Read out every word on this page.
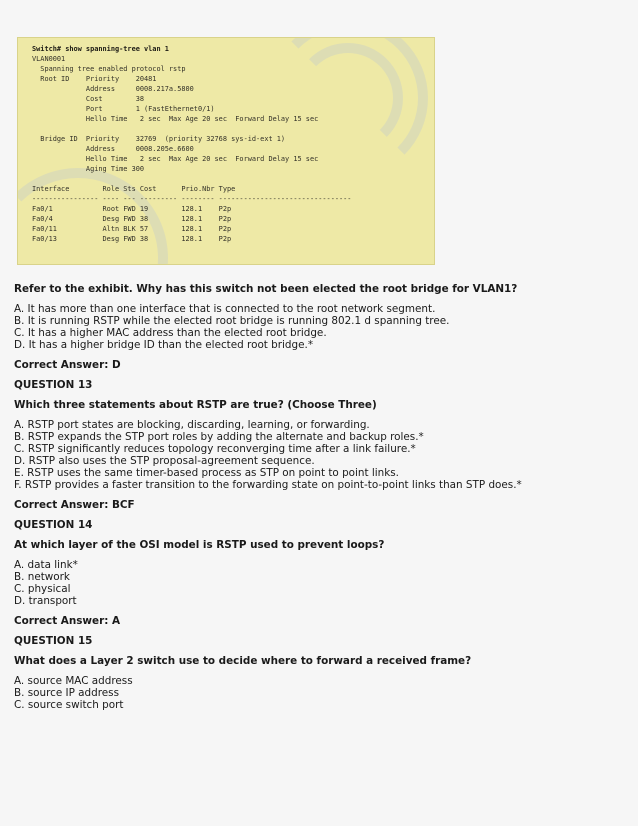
Switch# show spanning-tree vlan 1
VLAN0001
Spanning tree enabled protocol rstp
Root ID    Priority    20481
Address     0008.217a.5800
Cost        38
Port        1 (FastEthernet0/1)
Hello Time   2 sec  Max Age 20 sec  Forward Delay 15 sec

Bridge ID  Priority    32769  (priority 32768 sys-id-ext 1)
Address     0008.205e.6600
Hello Time   2 sec  Max Age 20 sec  Forward Delay 15 sec
Aging Time 300

Interface        Role Sts Cost      Prio.Nbr Type
---------------- ---- --- --------- -------- --------------------------------
Fa0/1            Root FWD 19        128.1    P2p
Fa0/4            Desg FWD 38        128.1    P2p
Fa0/11           Altn BLK 57        128.1    P2p
Fa0/13           Desg FWD 38        128.1    P2p

Refer to the exhibit. Why has this switch not been elected the root bridge for VLAN1?

A. It has more than one interface that is connected to the root network segment.

B. It is running RSTP while the elected root bridge is running 802.1 d spanning tree.

C. It has a higher MAC address than the elected root bridge.

D. It has a higher bridge ID than the elected root bridge.*

Correct Answer: D

QUESTION 13

Which three statements about RSTP are true? (Choose Three)

A. RSTP port states are blocking, discarding, learning, or forwarding.

B. RSTP expands the STP port roles by adding the alternate and backup roles.*

C. RSTP significantly reduces topology reconverging time after a link failure.*

D. RSTP also uses the STP proposal-agreement sequence.

E. RSTP uses the same timer-based process as STP on point to point links.

F. RSTP provides a faster transition to the forwarding state on point-to-point links than STP does.*

Correct Answer: BCF

QUESTION 14

At which layer of the OSI model is RSTP used to prevent loops?

A. data link*

B. network

C. physical

D. transport

Correct Answer: A

QUESTION 15

What does a Layer 2 switch use to decide where to forward a received frame?

A. source MAC address

B. source IP address

C. source switch port
